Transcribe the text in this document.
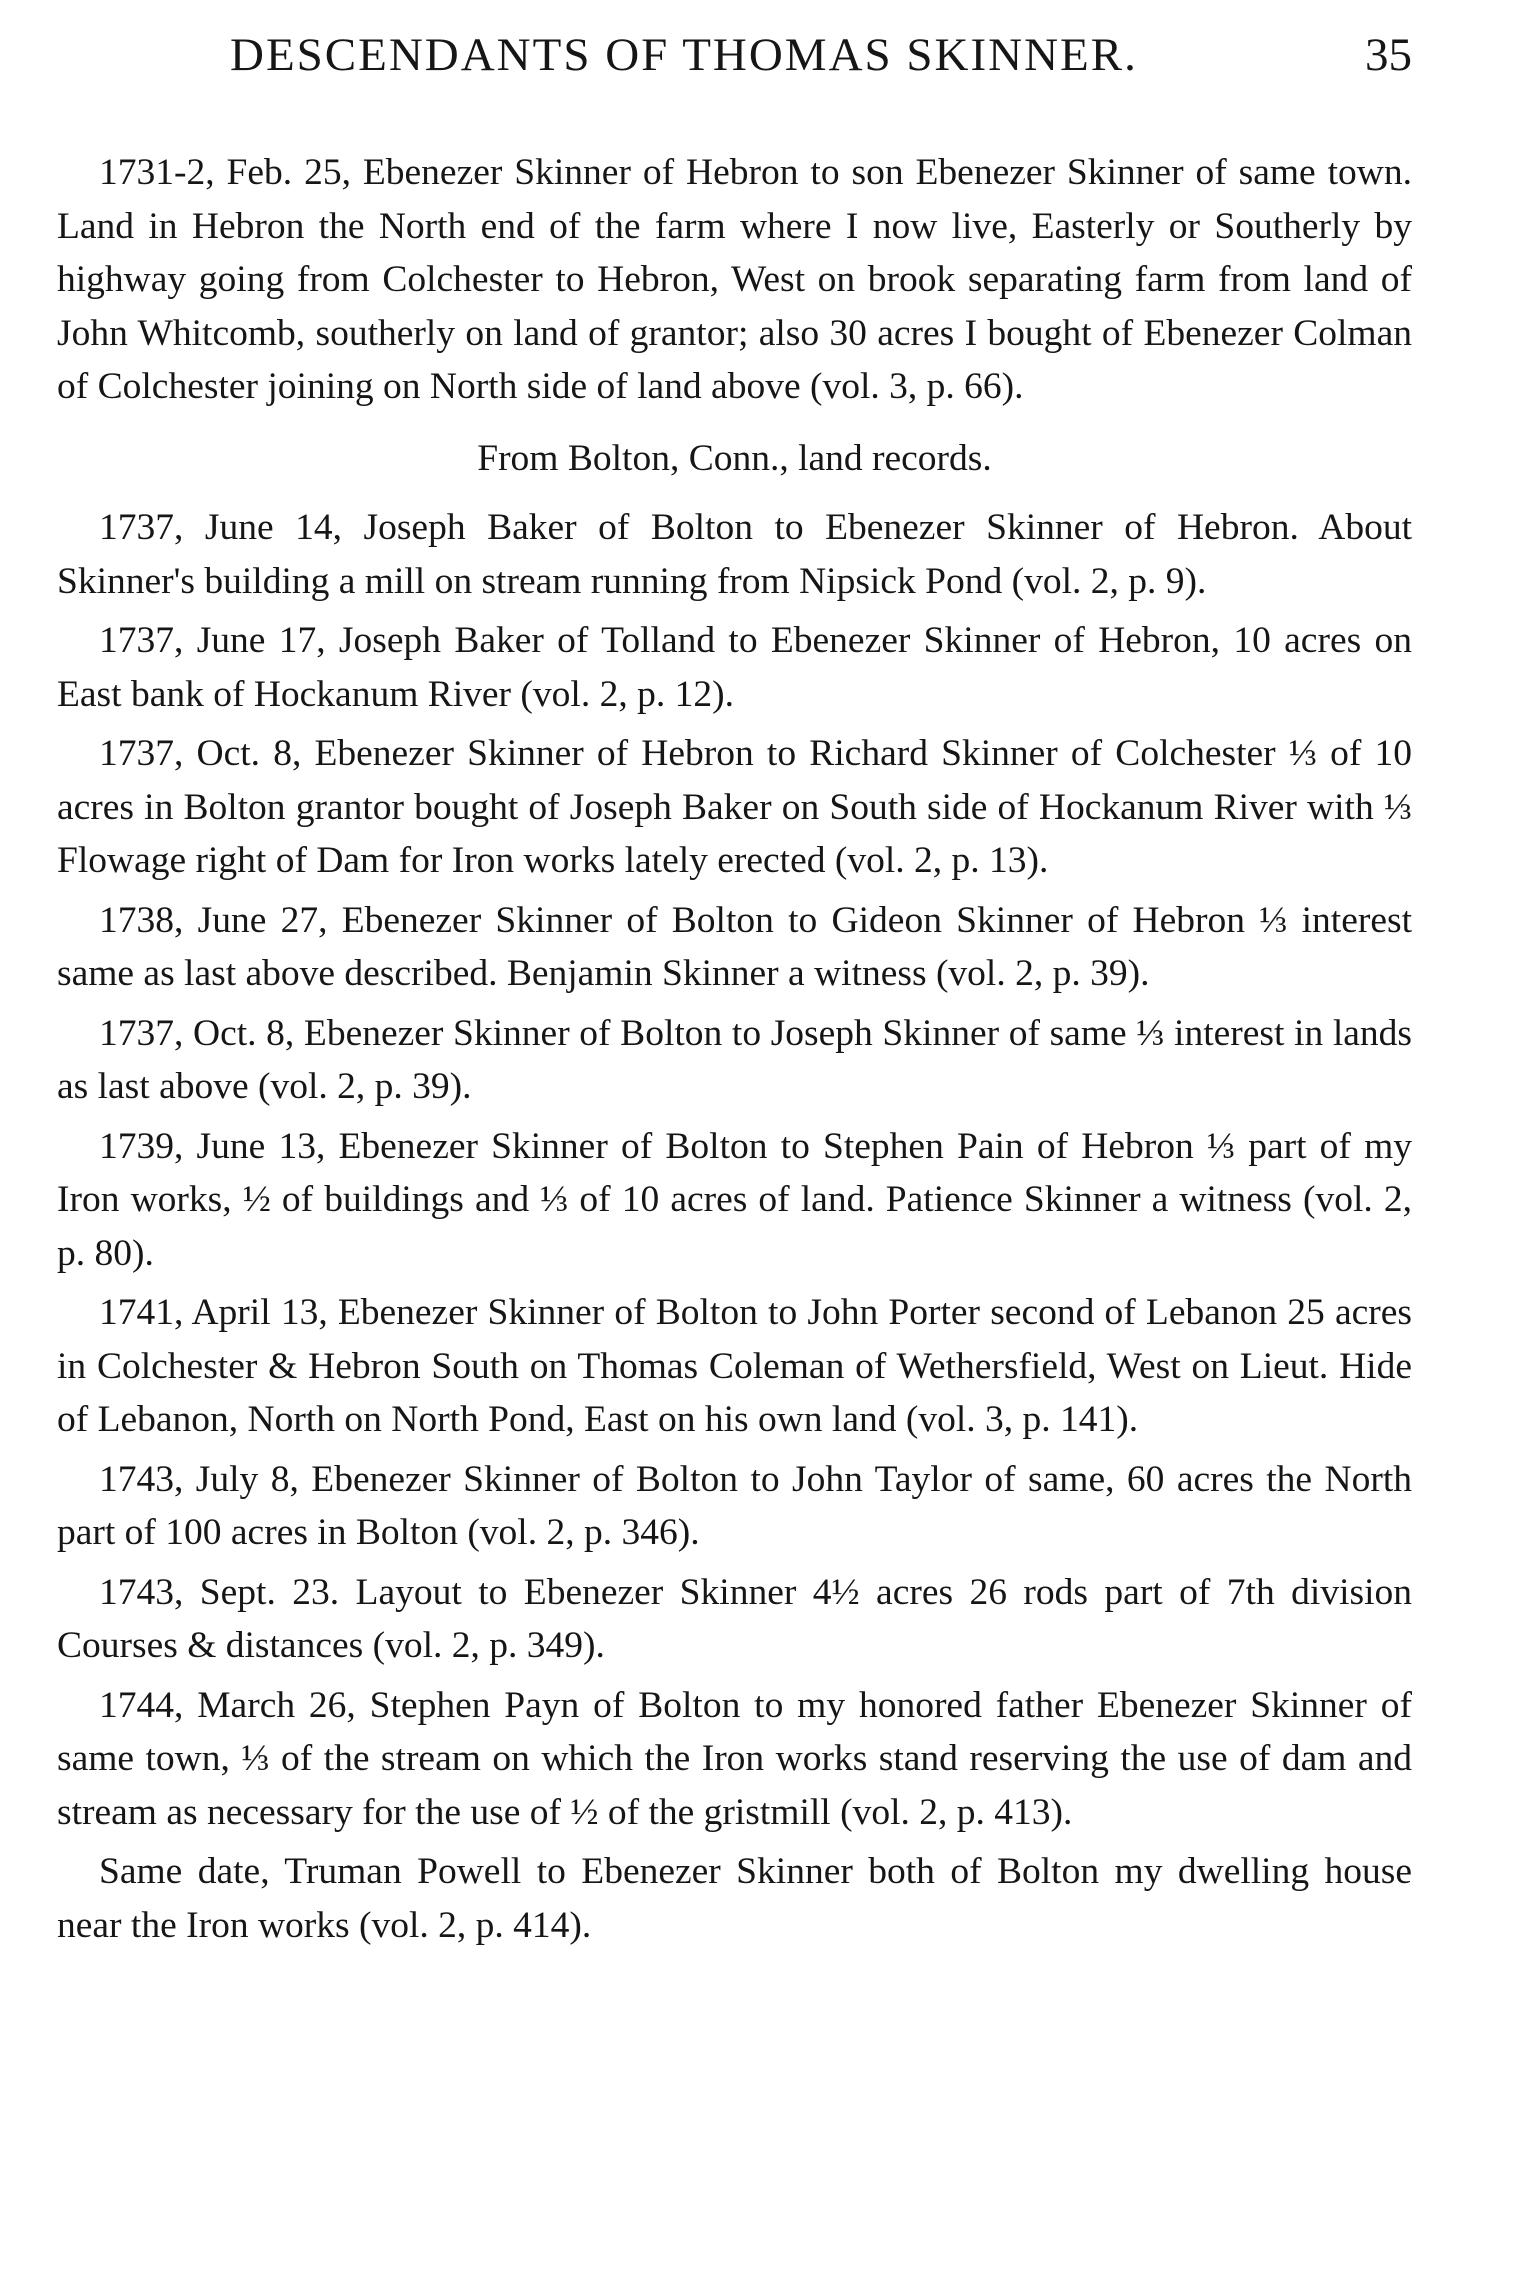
DESCENDANTS OF THOMAS SKINNER.	35

1731-2, Feb. 25, Ebenezer Skinner of Hebron to son Ebenezer Skinner of same town. Land in Hebron the North end of the farm where I now live, Easterly or Southerly by highway going from Colchester to Hebron, West on brook separating farm from land of John Whitcomb, southerly on land of grantor; also 30 acres I bought of Ebenezer Colman of Colchester joining on North side of land above (vol. 3, p. 66).

From Bolton, Conn., land records.

1737, June 14, Joseph Baker of Bolton to Ebenezer Skinner of Hebron. About Skinner's building a mill on stream running from Nipsick Pond (vol. 2, p. 9).

1737, June 17, Joseph Baker of Tolland to Ebenezer Skinner of Hebron, 10 acres on East bank of Hockanum River (vol. 2, p. 12).

1737, Oct. 8, Ebenezer Skinner of Hebron to Richard Skinner of Colchester ⅓ of 10 acres in Bolton grantor bought of Joseph Baker on South side of Hockanum River with ⅓ Flowage right of Dam for Iron works lately erected (vol. 2, p. 13).

1738, June 27, Ebenezer Skinner of Bolton to Gideon Skinner of Hebron ⅓ interest same as last above described. Benjamin Skinner a witness (vol. 2, p. 39).

1737, Oct. 8, Ebenezer Skinner of Bolton to Joseph Skinner of same ⅓ interest in lands as last above (vol. 2, p. 39).

1739, June 13, Ebenezer Skinner of Bolton to Stephen Pain of Hebron ⅓ part of my Iron works, ½ of buildings and ⅓ of 10 acres of land. Patience Skinner a witness (vol. 2, p. 80).

1741, April 13, Ebenezer Skinner of Bolton to John Porter second of Lebanon 25 acres in Colchester & Hebron South on Thomas Coleman of Wethersfield, West on Lieut. Hide of Lebanon, North on North Pond, East on his own land (vol. 3, p. 141).

1743, July 8, Ebenezer Skinner of Bolton to John Taylor of same, 60 acres the North part of 100 acres in Bolton (vol. 2, p. 346).

1743, Sept. 23. Layout to Ebenezer Skinner 4½ acres 26 rods part of 7th division Courses & distances (vol. 2, p. 349).

1744, March 26, Stephen Payn of Bolton to my honored father Ebenezer Skinner of same town, ⅓ of the stream on which the Iron works stand reserving the use of dam and stream as necessary for the use of ½ of the gristmill (vol. 2, p. 413).

Same date, Truman Powell to Ebenezer Skinner both of Bolton my dwelling house near the Iron works (vol. 2, p. 414).
